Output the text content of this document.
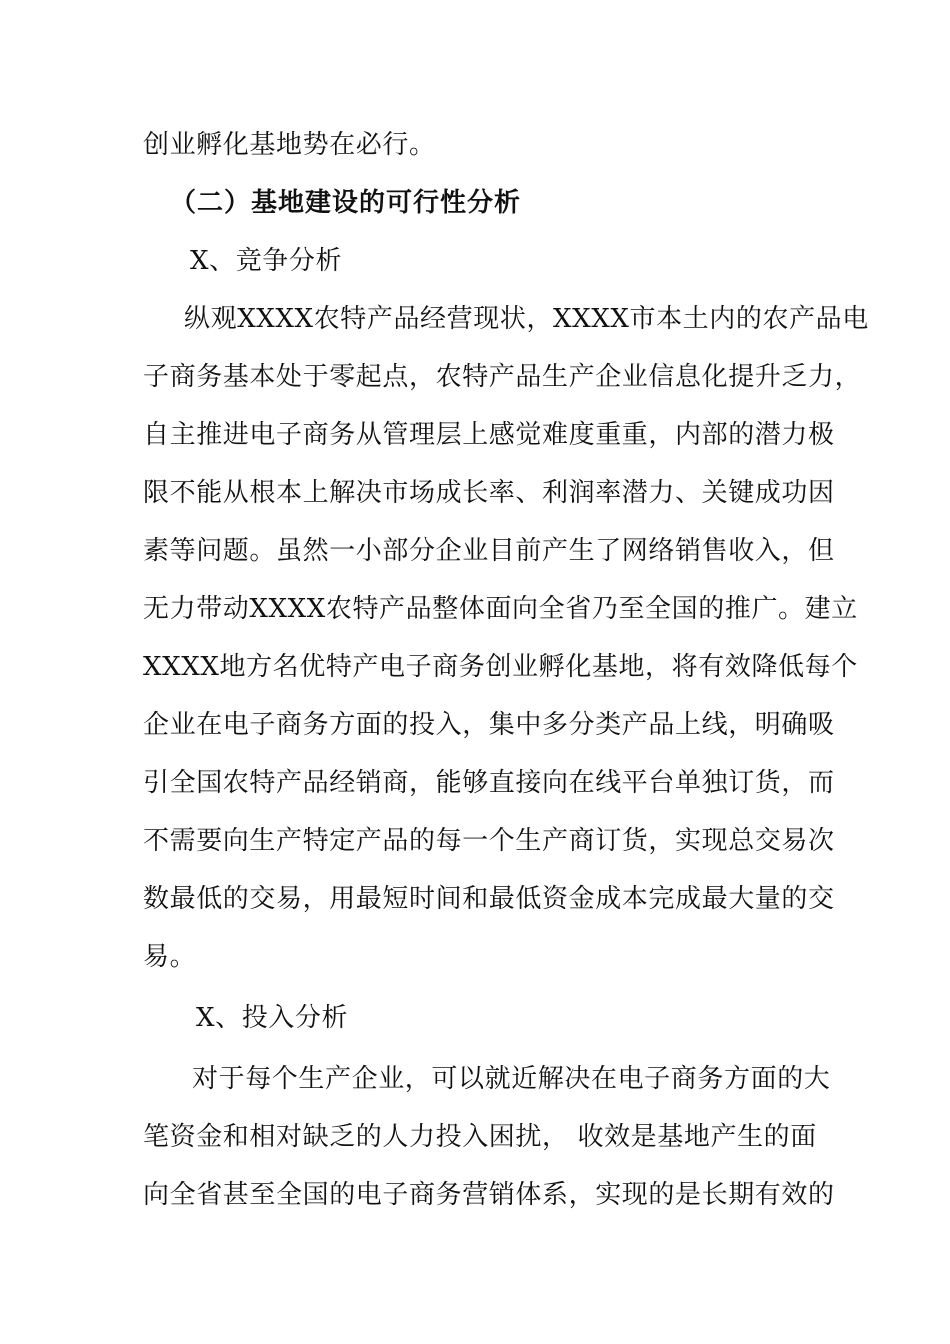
创业孵化基地势在必行。
（二）基地建设的可行性分析
X、竞争分析
纵观XXXX农特产品经营现状，XXXX市本土内的农产品电
子商务基本处于零起点，农特产品生产企业信息化提升乏力，
自主推进电子商务从管理层上感觉难度重重，内部的潜力极
限不能从根本上解决市场成长率、利润率潜力、关键成功因
素等问题。虽然一小部分企业目前产生了网络销售收入，但
无力带动XXXX农特产品整体面向全省乃至全国的推广。建立
XXXX地方名优特产电子商务创业孵化基地，将有效降低每个
企业在电子商务方面的投入，集中多分类产品上线，明确吸
引全国农特产品经销商，能够直接向在线平台单独订货，而
不需要向生产特定产品的每一个生产商订货，实现总交易次
数最低的交易，用最短时间和最低资金成本完成最大量的交
易。
X、投入分析
对于每个生产企业，可以就近解决在电子商务方面的大
笔资金和相对缺乏的人力投入困扰， 收效是基地产生的面
向全省甚至全国的电子商务营销体系，实现的是长期有效的
